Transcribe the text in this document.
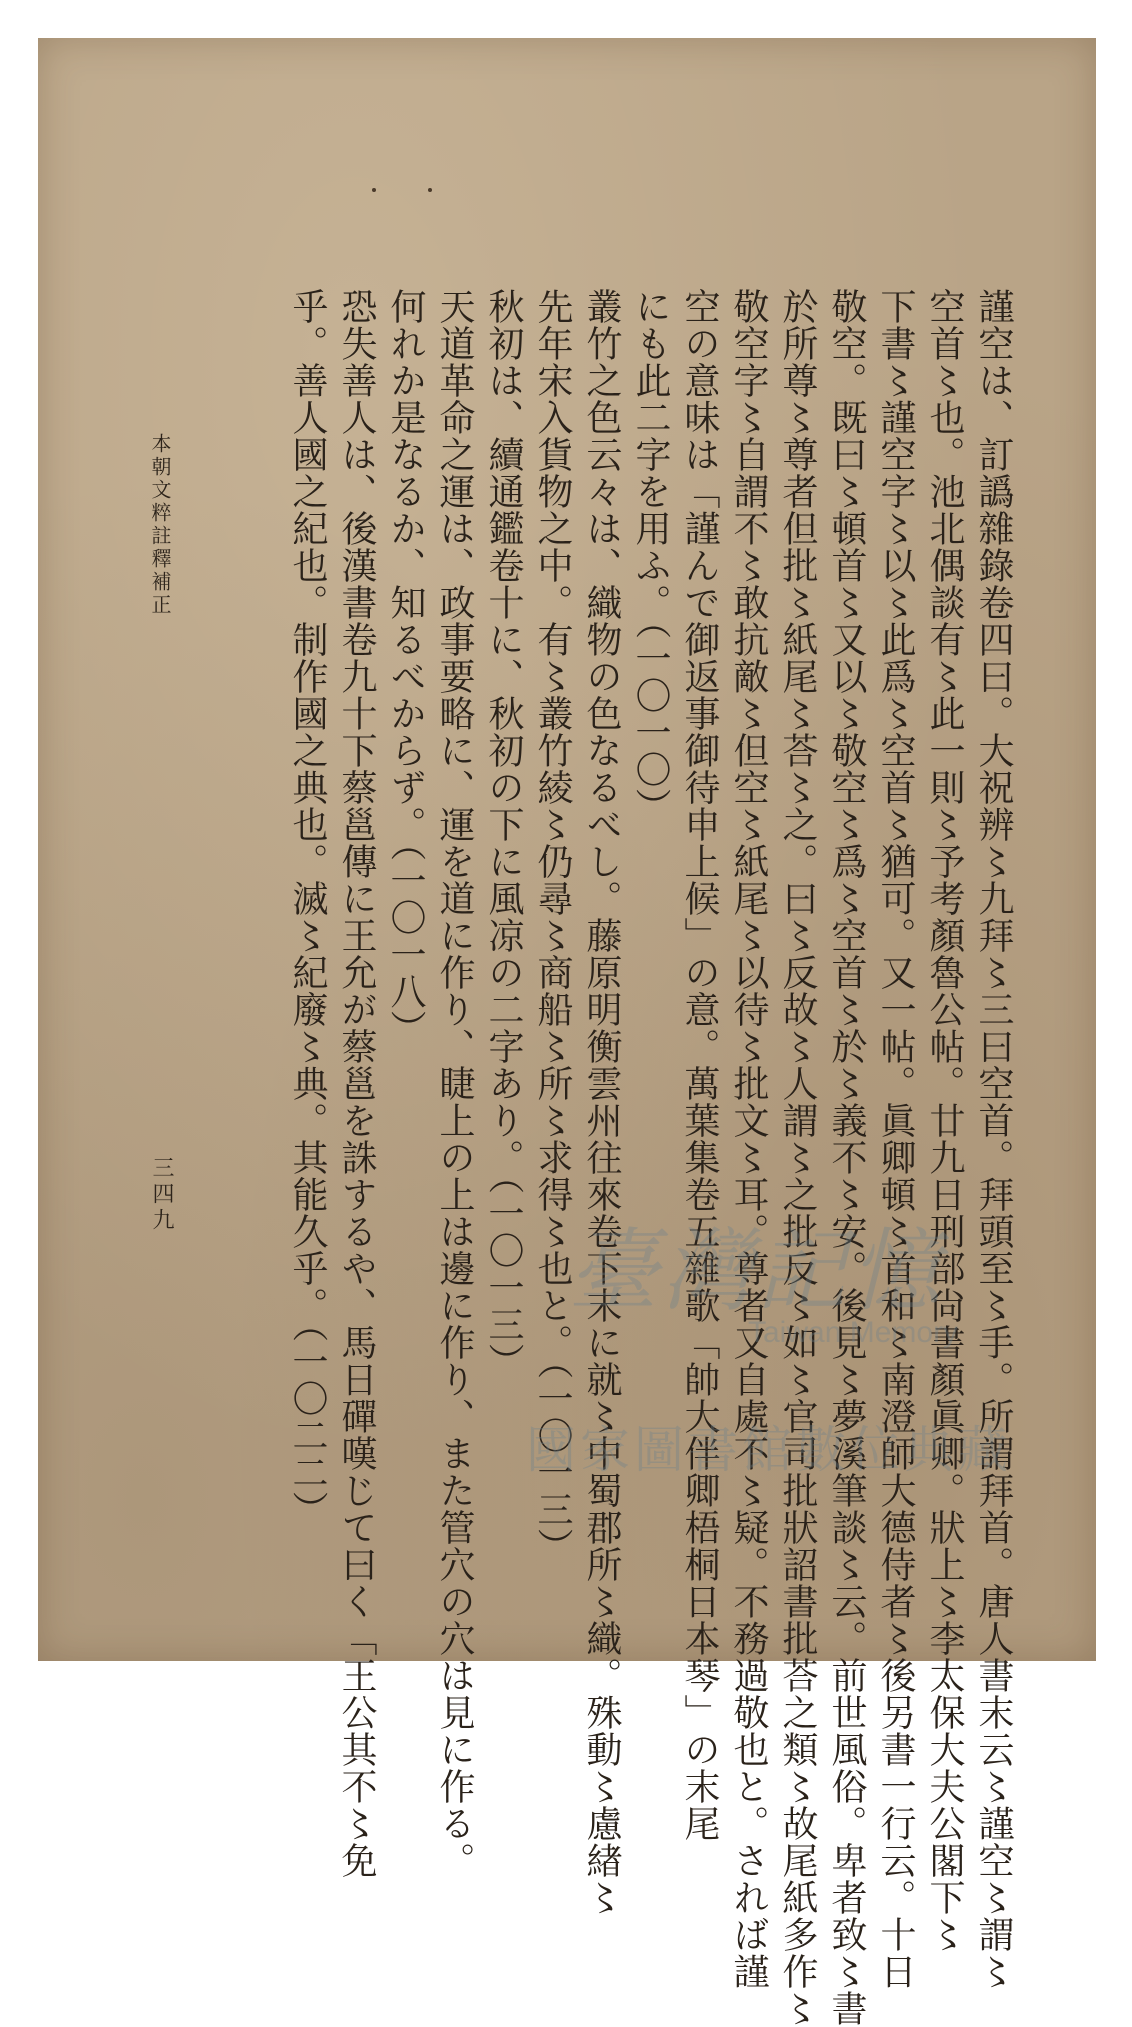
謹空は、訂譌雜錄卷四曰。大祝辨〻九拜〻三曰空首。拜頭至〻手。所謂拜首。唐人書末云〻謹空〻謂〻
空首〻也。池北偶談有〻此一則〻予考顏魯公帖。廿九日刑部尙書顏眞卿。狀上〻李太保大夫公閣下〻
下書〻謹空字〻以〻此爲〻空首〻猶可。又一帖。眞卿頓〻首和〻南澄師大德侍者〻後另書一行云。十日
敬空。既曰〻頓首〻又以〻敬空〻爲〻空首〻於〻義不〻安。後見〻夢溪筆談〻云。前世風俗。卑者致〻書
於所尊〻尊者但批〻紙尾〻荅〻之。曰〻反故〻人謂〻之批反〻如〻官司批狀詔書批荅之類〻故尾紙多作〻
敬空字〻自謂不〻敢抗敵〻但空〻紙尾〻以待〻批文〻耳。尊者又自處不〻疑。不務過敬也と。されば謹
空の意味は「謹んで御返事御待申上候」の意。萬葉集卷五雜歌「帥大伴卿梧桐日本琴」の末尾
にも此二字を用ふ。（一〇一〇）
叢竹之色云々は、織物の色なるべし。藤原明衡雲州往來卷下末に就〻中蜀郡所〻織。殊動〻慮緖〻
先年宋入貨物之中。有〻叢竹綾〻仍尋〻商船〻所〻求得〻也と。（一〇一三）
秋初は、續通鑑卷十に、秋初の下に風凉の二字あり。（一〇一三）
天道革命之運は、政事要略に、運を道に作り、睫上の上は邊に作り、また管穴の穴は見に作る。
何れか是なるか、知るべからず。（一〇一八）
恐失善人は、後漢書卷九十下蔡邕傳に王允が蔡邕を誅するや、馬日磾嘆じて曰く「王公其不〻免
乎。善人國之紀也。制作國之典也。滅〻紀廢〻典。其能久乎。（一〇二二）
本朝文粹註釋補正
三四九
臺灣記憶
Taiwan Memory
國家圖書館數位典藏
